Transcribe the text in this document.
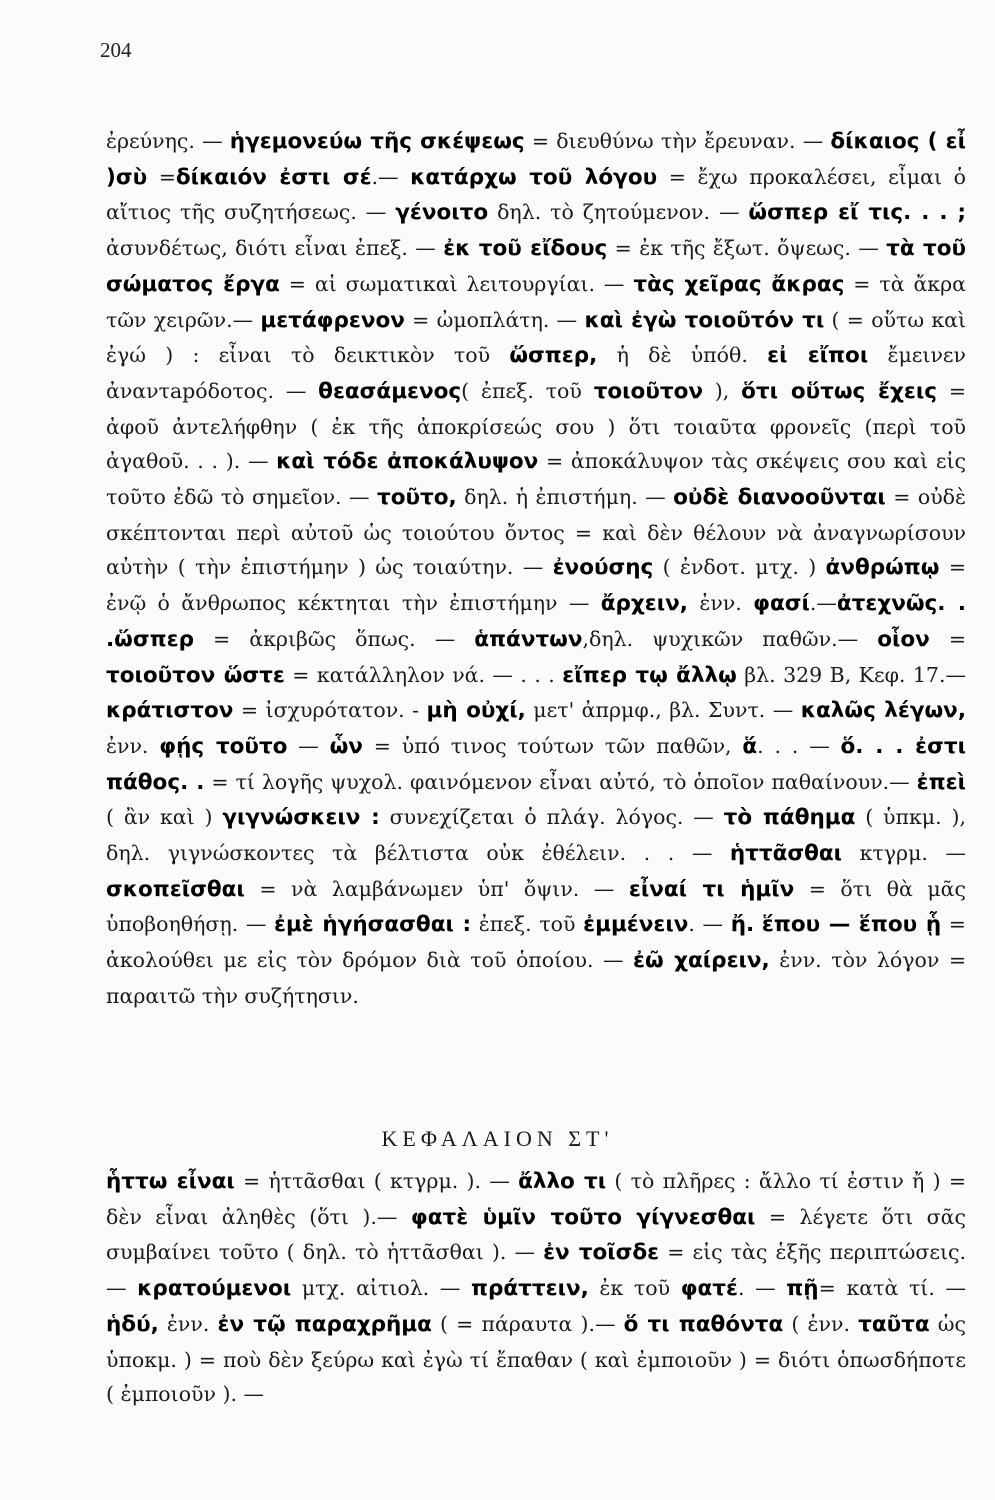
204

ἐρεύνης. — ἡγεμονεύω τῆς σκέψεως = διευθύνω τὴν ἔρευναν. — δίκαιος ( εἶ )σὺ =δίκαιόν ἐστι σέ.— κατάρχω τοῦ λόγου = ἔχω προκαλέσει, εἶμαι ὁ αἴτιος τῆς συζητήσεως. — γένοιτο δηλ. τὸ ζητούμενον. — ὥσπερ εἴ τις. . . ; ἀσυνδέτως, διότι εἶναι ἐπεξ. — ἐκ τοῦ εἴδους = ἐκ τῆς ἔξωτ. ὄψεως. — τὰ τοῦ σώματος ἔργα = αἱ σωματικαὶ λειτουργίαι. — τὰς χεῖρας ἄκρας = τὰ ἄκρα τῶν χειρῶν.— μετάφρενον = ὠμοπλάτη. — καὶ ἐγὼ τοιοῦτόν τι ( = οὕτω καὶ ἐγώ ) : εἶναι τὸ δεικτικὸν τοῦ ὥσπερ, ἡ δὲ ὑπόθ. εἰ εἴποι ἔμεινεν ἀναντapόδοτος. — θεασάμενος( ἐπεξ. τοῦ τοιοῦτον ), ὅτι οὕτως ἔχεις = ἀφοῦ ἀντελήφθην ( ἐκ τῆς ἀποκρίσεώς σου ) ὅτι τοιαῦτα φρονεῖς (περὶ τοῦ ἀγαθοῦ. . . ). — καὶ τόδε ἀποκάλυψον = ἀποκάλυψον τὰς σκέψεις σου καὶ εἰς τοῦτο ἐδῶ τὸ σημεῖον. — τοῦτο, δηλ. ἡ ἐπιστήμη. — οὐδὲ διανοοῦνται = οὐδὲ σκέπτονται περὶ αὐτοῦ ὡς τοιούτου ὄντος = καὶ δὲν θέλουν νὰ ἀναγνωρίσουν αὐτὴν ( τὴν ἐπιστήμην ) ὡς τοιαύτην. — ἐνούσης ( ἐνδοτ. μτχ. ) ἀνθρώπῳ = ἐνῷ ὁ ἄνθρωπος κέκτηται τὴν ἐπιστήμην — ἄρχειν, ἐνν. φασί.—ἀτεχνῶς. . .ὥσπερ = ἀκριβῶς ὅπως. — ἁπάντων,δηλ. ψυχικῶν παθῶν.— οἷον = τοιοῦτον ὥστε = κατάλληλον νά. — . . . εἴπερ τῳ ἄλλῳ βλ. 329 Β, Κεφ. 17.— κράτιστον = ἰσχυρότατον. - μὴ οὐχί, μετ' ἀπρμφ., βλ. Συντ. — καλῶς λέγων, ἐνν. φῄς τοῦτο — ὧν = ὑπό τινος τούτων τῶν παθῶν, ἅ. . . — ὅ. . . ἐστι πάθος. . = τί λογῆς ψυχολ. φαινόμενον εἶναι αὐτό, τὸ ὁποῖον παθαίνουν.— ἐπεὶ ( ἂν καὶ ) γιγνώσκειν : συνεχίζεται ὁ πλάγ. λόγος. — τὸ πάθημα ( ὑπκμ. ), δηλ. γιγνώσκοντες τὰ βέλτιστα οὐκ ἐθέλειν. . . — ἡττᾶσθαι κτγρμ. — σκοπεῖσθαι = νὰ λαμβάνωμεν ὑπ' ὄψιν. — εἶναί τι ἡμῖν = ὅτι θὰ μᾶς ὑποβοηθήσῃ. — ἐμὲ ἡγήσασθαι : ἐπεξ. τοῦ ἐμμένειν. — ἤ. ἕπου — ἕπου ᾗ = ἀκολούθει με εἰς τὸν δρόμον διὰ τοῦ ὁποίου. — ἐῶ χαίρειν, ἐνν. τὸν λόγον = παραιτῶ τὴν συζήτησιν.

ΚΕΦΑΛΑΙΟΝ ΣΤ'

ἧττω εἶναι = ἡττᾶσθαι ( κτγρμ. ). — ἄλλο τι ( τὸ πλῆρες : ἄλλο τί ἐστιν ἤ ) = δὲν εἶναι ἀληθὲς (ὅτι ).— φατὲ ὑμῖν τοῦτο γίγνεσθαι = λέγετε ὅτι σᾶς συμβαίνει τοῦτο ( δηλ. τὸ ἡττᾶσθαι ). — ἐν τοῖσδε = εἰς τὰς ἑξῆς περιπτώσεις. — κρατούμενοι μτχ. αἰτιολ. — πράττειν, ἐκ τοῦ φατέ. — πῇ= κατὰ τί. — ἡδύ, ἐνν. ἐν τῷ παραχρῆμα ( = πάραυτα ).— ὅ τι παθόντα ( ἐνν. ταῦτα ὡς ὑποκμ. ) = ποὺ δὲν ξεύρω καὶ ἐγὼ τί ἔπαθαν ( καὶ ἐμποιοῦν ) = διότι ὁπωσδήποτε ( ἐμποιοῦν ). —
